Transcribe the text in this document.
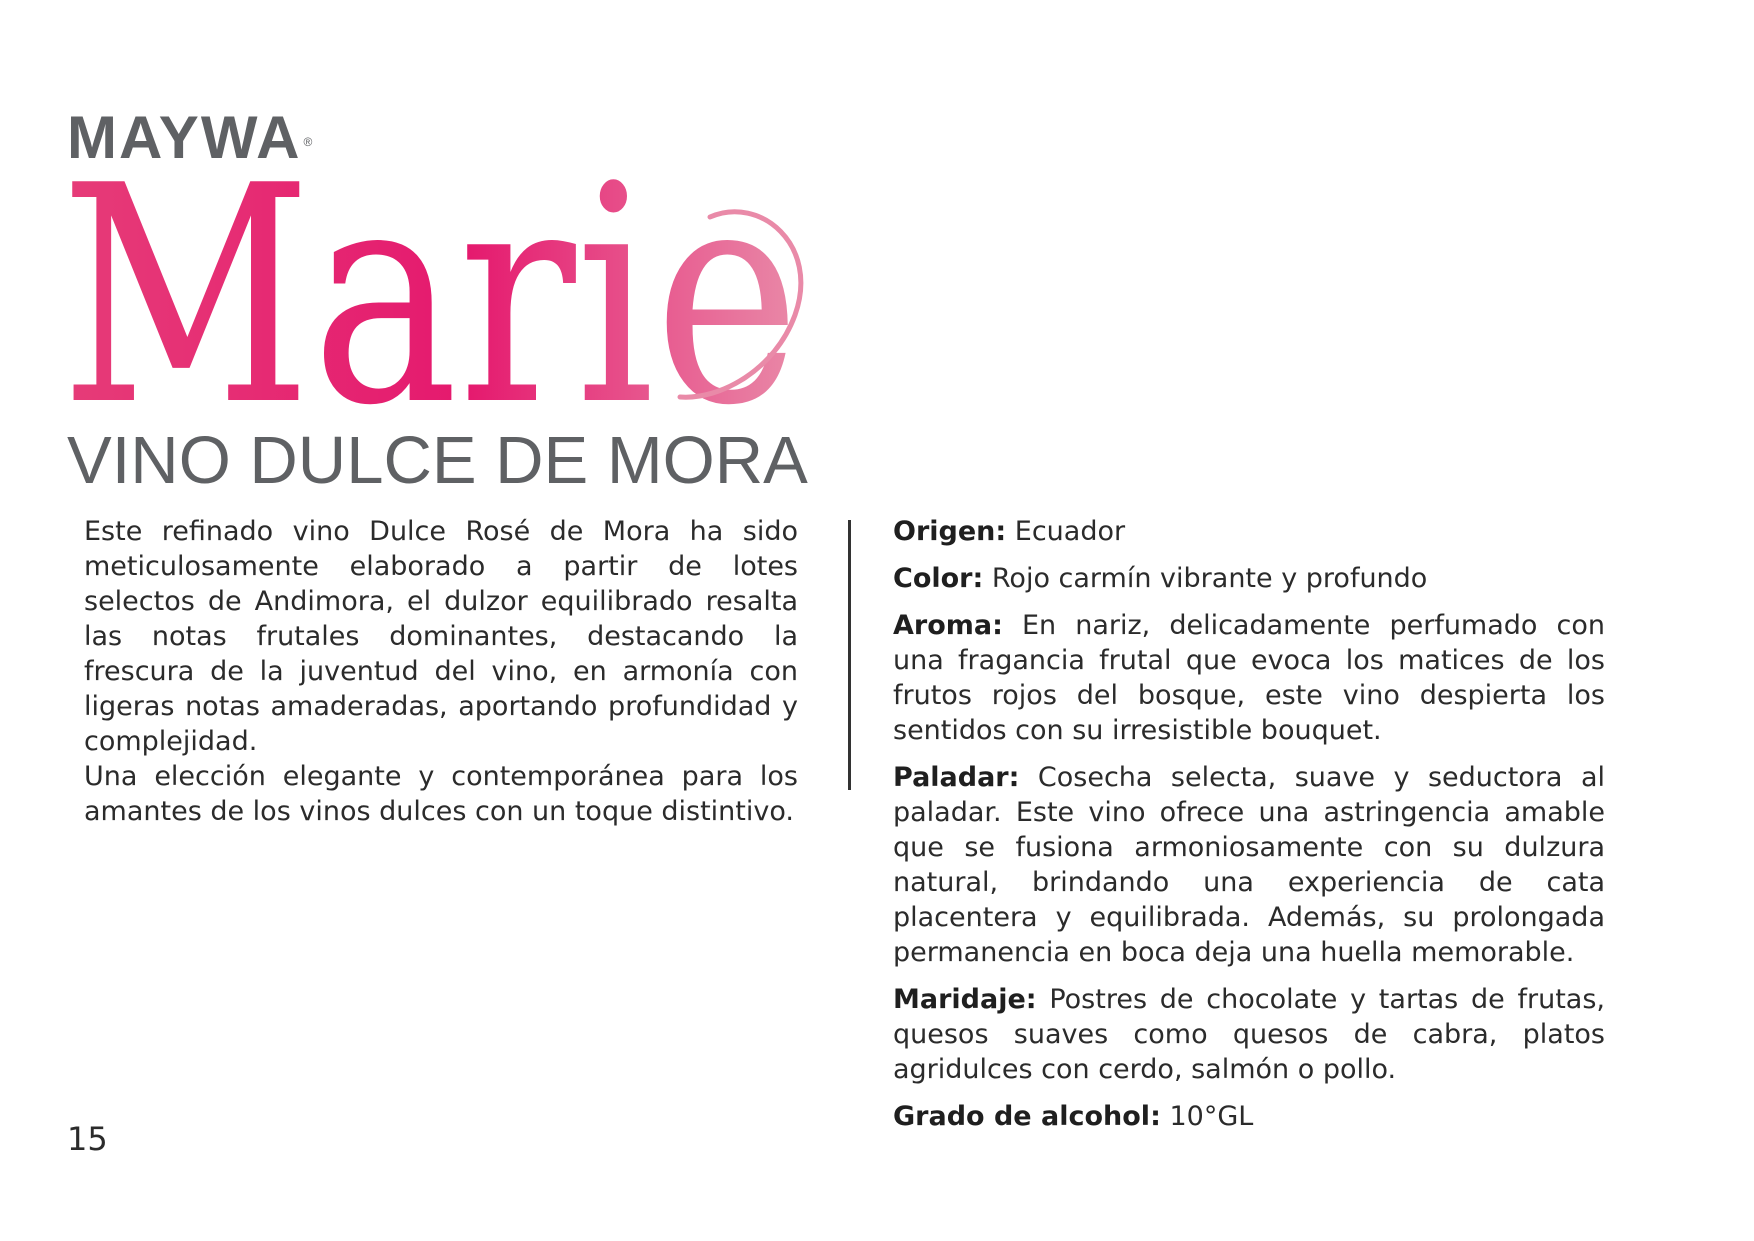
MAYWA ®
Marie
VINO DULCE DE MORA

Este refinado vino Dulce Rosé de Mora ha sido meticulosamente elaborado a partir de lotes selectos de Andimora, el dulzor equilibrado resalta las notas frutales dominantes, destacando la frescura de la juventud del vino, en armonía con ligeras notas amaderadas, aportando profundidad y complejidad.

Una elección elegante y contemporánea para los amantes de los vinos dulces con un toque distintivo.

Origen: Ecuador

Color: Rojo carmín vibrante y profundo

Aroma: En nariz, delicadamente perfumado con una fragancia frutal que evoca los matices de los frutos rojos del bosque, este vino despierta los sentidos con su irresistible bouquet.

Paladar: Cosecha selecta, suave y seductora al paladar. Este vino ofrece una astringencia amable que se fusiona armoniosamente con su dulzura natural, brindando una experiencia de cata placentera y equilibrada. Además, su prolongada permanencia en boca deja una huella memorable.

Maridaje: Postres de chocolate y tartas de frutas, quesos suaves como quesos de cabra, platos agridulces con cerdo, salmón o pollo.

Grado de alcohol: 10°GL

15
